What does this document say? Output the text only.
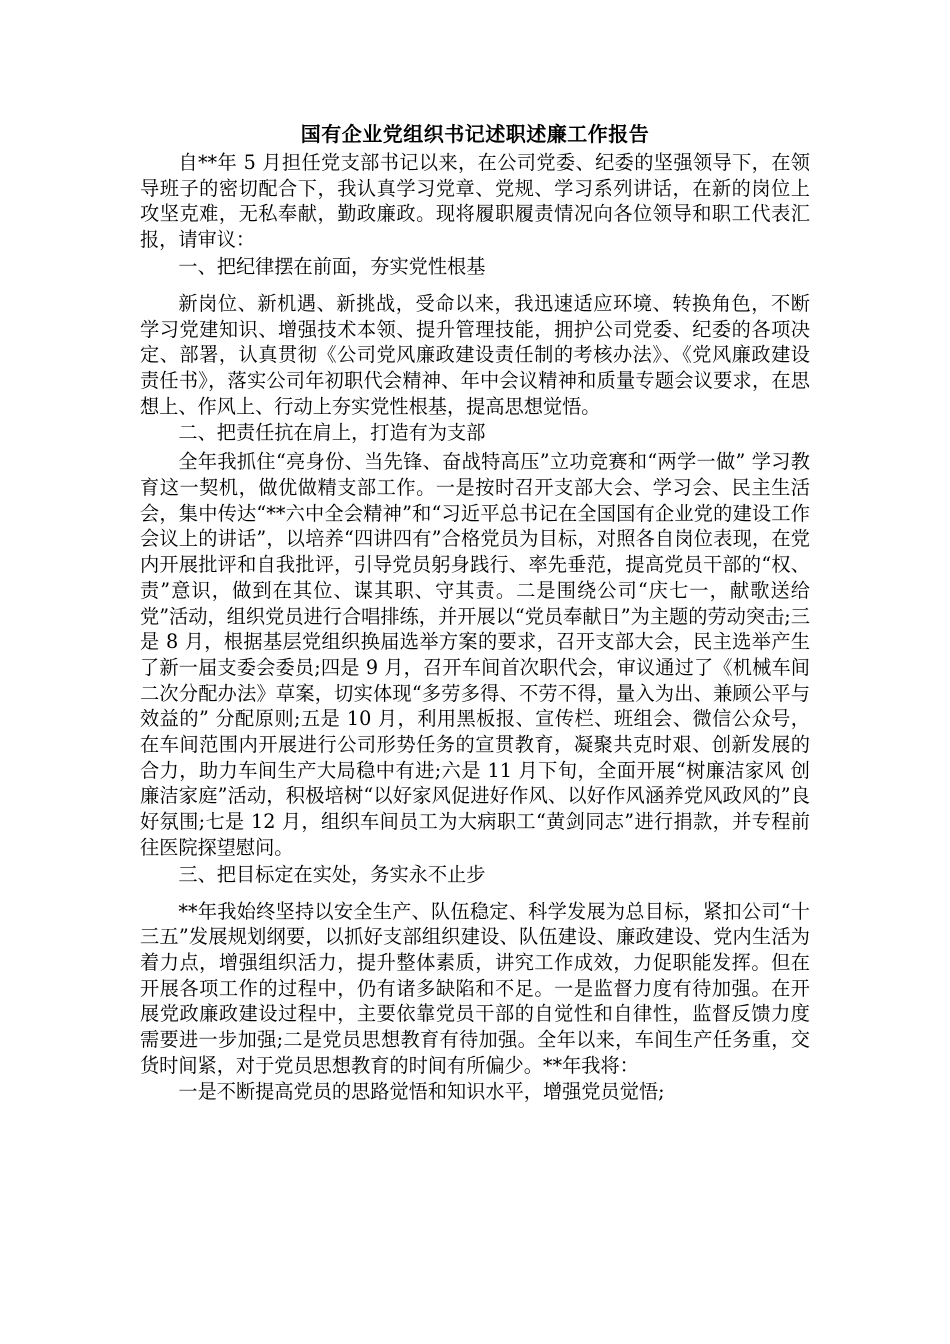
国有企业党组织书记述职述廉工作报告

自**年 5 月担任党支部书记以来，在公司党委、纪委的坚强领导下，在领导班子的密切配合下，我认真学习党章、党规、学习系列讲话，在新的岗位上攻坚克难，无私奉献，勤政廉政。现将履职履责情况向各位领导和职工代表汇报，请审议：

一、把纪律摆在前面，夯实党性根基

新岗位、新机遇、新挑战，受命以来，我迅速适应环境、转换角色，不断学习党建知识、增强技术本领、提升管理技能，拥护公司党委、纪委的各项决定、部署，认真贯彻《公司党风廉政建设责任制的考核办法》、《党风廉政建设责任书》，落实公司年初职代会精神、年中会议精神和质量专题会议要求，在思想上、作风上、行动上夯实党性根基，提高思想觉悟。

二、把责任抗在肩上，打造有为支部

全年我抓住“亮身份、当先锋、奋战特高压”立功竞赛和“两学一做” 学习教育这一契机，做优做精支部工作。一是按时召开支部大会、学习会、民主生活会，集中传达“**六中全会精神”和“习近平总书记在全国国有企业党的建设工作会议上的讲话”，以培养“四讲四有”合格党员为目标，对照各自岗位表现，在党内开展批评和自我批评，引导党员躬身践行、率先垂范，提高党员干部的“权、责”意识，做到在其位、谋其职、守其责。二是围绕公司“庆七一，献歌送给党”活动，组织党员进行合唱排练，并开展以“党员奉献日”为主题的劳动突击;三是 8 月，根据基层党组织换届选举方案的要求，召开支部大会，民主选举产生了新一届支委会委员;四是 9 月，召开车间首次职代会，审议通过了《机械车间二次分配办法》草案，切实体现“多劳多得、不劳不得，量入为出、兼顾公平与效益的” 分配原则;五是 10 月，利用黑板报、宣传栏、班组会、微信公众号，在车间范围内开展进行公司形势任务的宣贯教育，凝聚共克时艰、创新发展的合力，助力车间生产大局稳中有进;六是 11 月下旬，全面开展“树廉洁家风 创廉洁家庭”活动，积极培树“以好家风促进好作风、以好作风涵养党风政风的”良好氛围;七是 12 月，组织车间员工为大病职工“黄剑同志”进行捐款，并专程前往医院探望慰问。

三、把目标定在实处，务实永不止步

**年我始终坚持以安全生产、队伍稳定、科学发展为总目标，紧扣公司“十三五”发展规划纲要，以抓好支部组织建设、队伍建设、廉政建设、党内生活为着力点，增强组织活力，提升整体素质，讲究工作成效，力促职能发挥。但在开展各项工作的过程中，仍有诸多缺陷和不足。一是监督力度有待加强。在开展党政廉政建设过程中，主要依靠党员干部的自觉性和自律性，监督反馈力度需要进一步加强;二是党员思想教育有待加强。全年以来，车间生产任务重，交货时间紧，对于党员思想教育的时间有所偏少。**年我将：

一是不断提高党员的思路觉悟和知识水平，增强党员觉悟;
